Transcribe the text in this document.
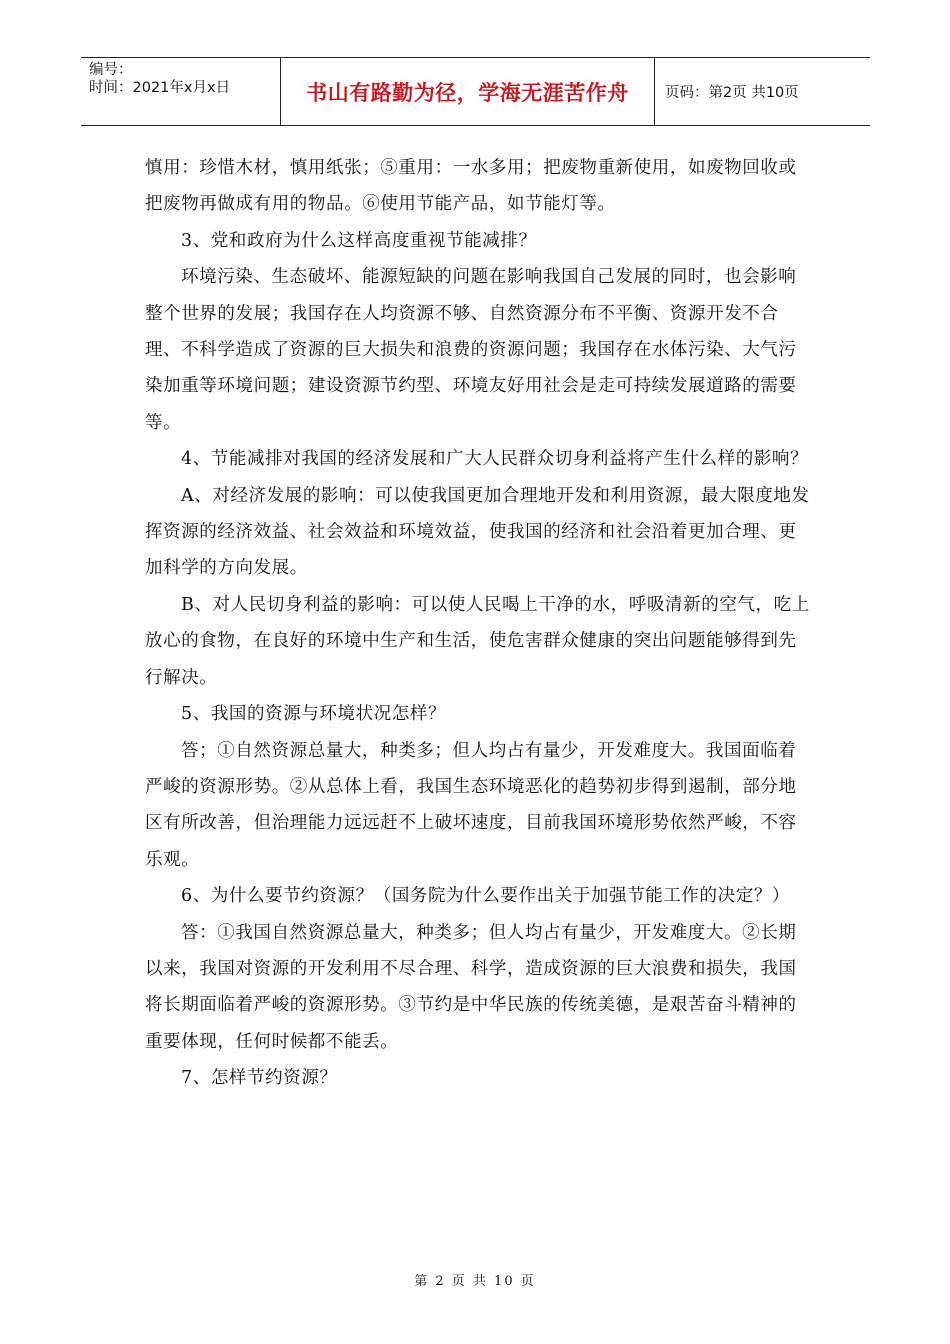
编号：
时间：2021年x月x日	书山有路勤为径，学海无涯苦作舟	页码：第2页 共10页

慎用：珍惜木材，慎用纸张；⑤重用：一水多用；把废物重新使用，如废物回收或把废物再做成有用的物品。⑥使用节能产品，如节能灯等。

3、党和政府为什么这样高度重视节能减排？

环境污染、生态破坏、能源短缺的问题在影响我国自己发展的同时，也会影响整个世界的发展；我国存在人均资源不够、自然资源分布不平衡、资源开发不合理、不科学造成了资源的巨大损失和浪费的资源问题；我国存在水体污染、大气污染加重等环境问题；建设资源节约型、环境友好用社会是走可持续发展道路的需要等。

4、节能减排对我国的经济发展和广大人民群众切身利益将产生什么样的影响？

A、对经济发展的影响：可以使我国更加合理地开发和利用资源，最大限度地发挥资源的经济效益、社会效益和环境效益，使我国的经济和社会沿着更加合理、更加科学的方向发展。

B、对人民切身利益的影响：可以使人民喝上干净的水，呼吸清新的空气，吃上放心的食物，在良好的环境中生产和生活，使危害群众健康的突出问题能够得到先行解决。

5、我国的资源与环境状况怎样？

答；①自然资源总量大，种类多；但人均占有量少，开发难度大。我国面临着严峻的资源形势。②从总体上看，我国生态环境恶化的趋势初步得到遏制，部分地区有所改善，但治理能力远远赶不上破坏速度，目前我国环境形势依然严峻，不容乐观。

6、为什么要节约资源？（国务院为什么要作出关于加强节能工作的决定？）

答：①我国自然资源总量大，种类多；但人均占有量少，开发难度大。②长期以来，我国对资源的开发利用不尽合理、科学，造成资源的巨大浪费和损失，我国将长期面临着严峻的资源形势。③节约是中华民族的传统美德，是艰苦奋斗精神的重要体现，任何时候都不能丢。

7、怎样节约资源？

第 2 页 共 10 页
